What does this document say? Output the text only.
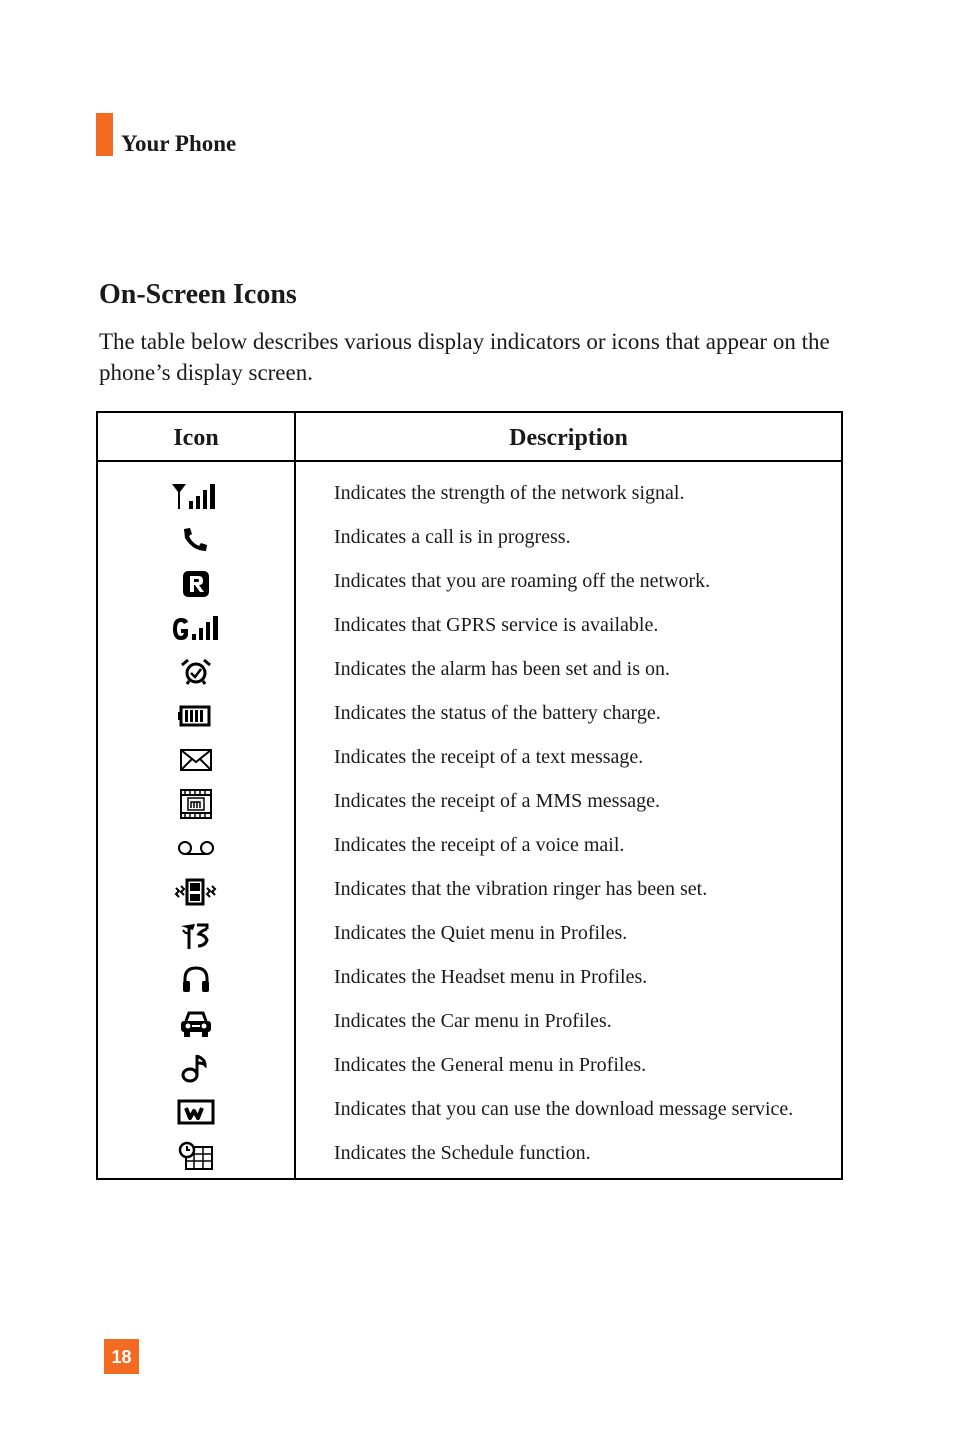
Your Phone
On-Screen Icons
The table below describes various display indicators or icons that appear on the phone’s display screen.
Icon	Description
Indicates the strength of the network signal.
Indicates a call is in progress.
Indicates that you are roaming off the network.
Indicates that GPRS service is available.
Indicates the alarm has been set and is on.
Indicates the status of the battery charge.
Indicates the receipt of a text message.
Indicates the receipt of a MMS message.
Indicates the receipt of a voice mail.
Indicates that the vibration ringer has been set.
Indicates the Quiet menu in Profiles.
Indicates the Headset menu in Profiles.
Indicates the Car menu in Profiles.
Indicates the General menu in Profiles.
Indicates that you can use the download message service.
Indicates the Schedule function.
18
